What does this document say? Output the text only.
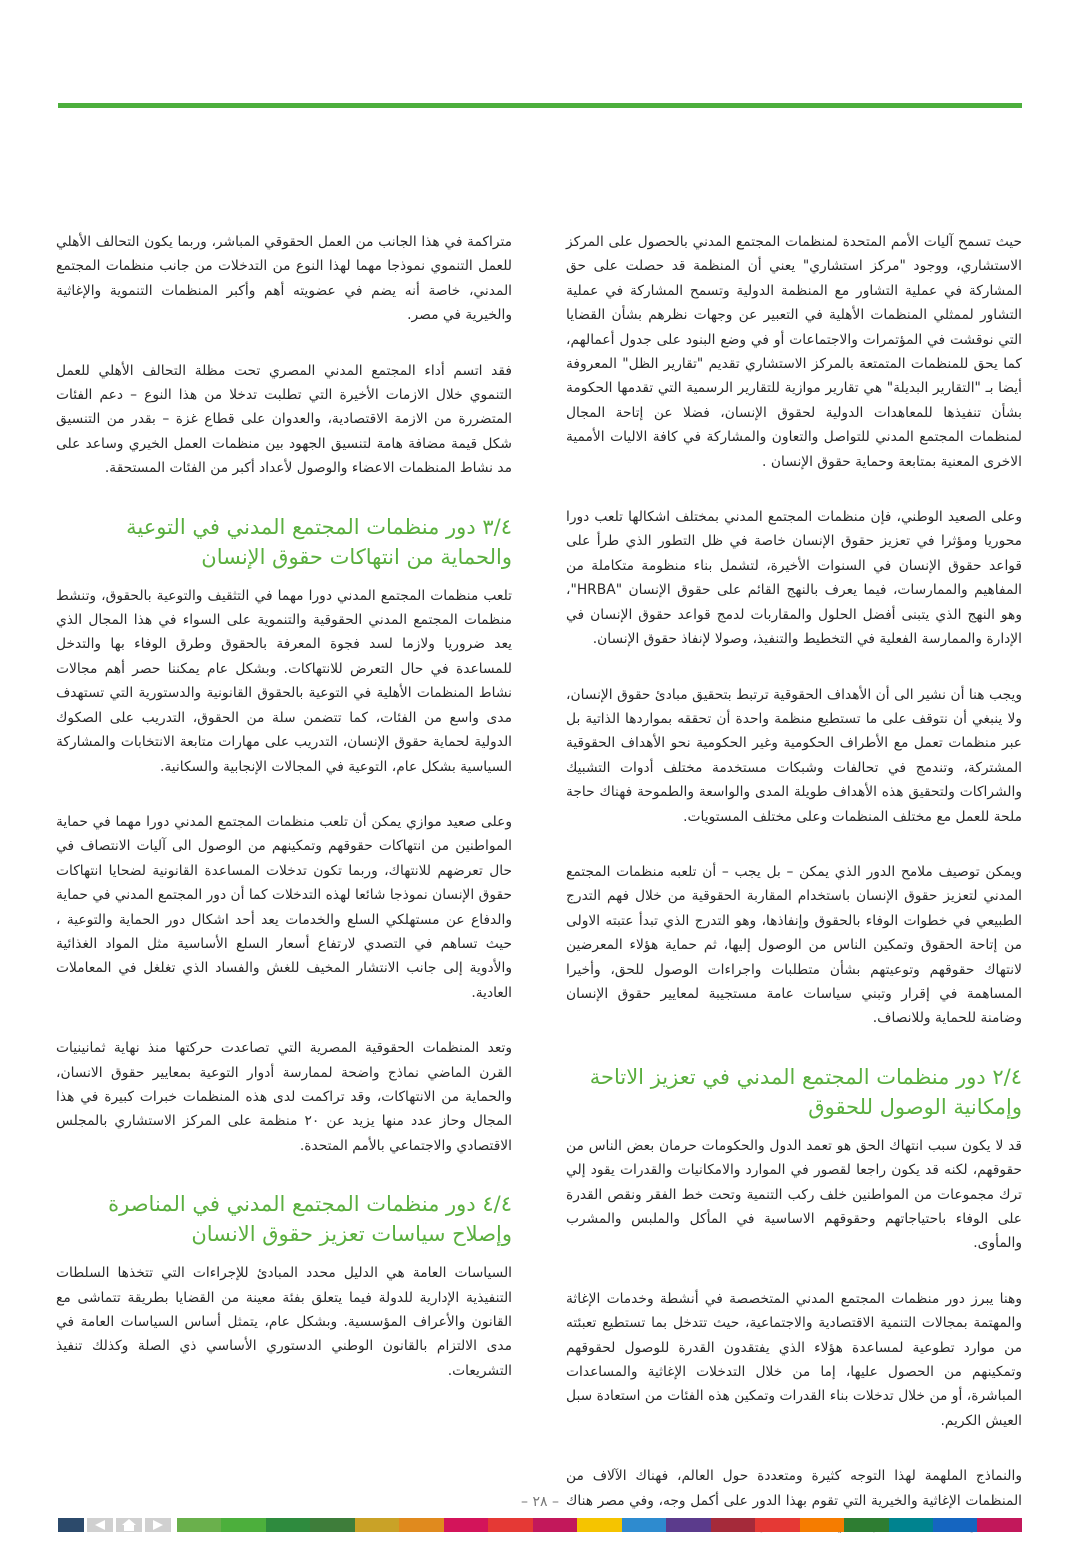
حيث تسمح آليات الأمم المتحدة لمنظمات المجتمع المدني بالحصول على المركز الاستشاري، ووجود "مركز استشاري" يعني أن المنظمة قد حصلت على حق المشاركة في عملية التشاور مع المنظمة الدولية وتسمح المشاركة في عملية التشاور لممثلي المنظمات الأهلية في التعبير عن وجهات نظرهم بشأن القضايا التي نوقشت في المؤتمرات والاجتماعات أو في وضع البنود على جدول أعمالهم، كما يحق للمنظمات المتمتعة بالمركز الاستشاري تقديم "تقارير الظل" المعروفة أيضا بـ "التقارير البديلة" هي تقارير موازية للتقارير الرسمية التي تقدمها الحكومة بشأن تنفيذها للمعاهدات الدولية لحقوق الإنسان، فضلا عن إتاحة المجال لمنظمات المجتمع المدني للتواصل والتعاون والمشاركة في كافة الاليات الأممية الاخرى المعنية بمتابعة وحماية حقوق الإنسان .

وعلى الصعيد الوطني، فإن منظمات المجتمع المدني بمختلف اشكالها تلعب دورا محوريا ومؤثرا في تعزيز حقوق الإنسان خاصة في ظل التطور الذي طرأ على قواعد حقوق الإنسان في السنوات الأخيرة، لتشمل بناء منظومة متكاملة من المفاهيم والممارسات، فيما يعرف بالنهج القائم على حقوق الإنسان "HRBA"، وهو النهج الذي يتبنى أفضل الحلول والمقاربات لدمج قواعد حقوق الإنسان في الإدارة والممارسة الفعلية في التخطيط والتنفيذ، وصولا لإنفاذ حقوق الإنسان.

ويجب هنا أن نشير الى أن الأهداف الحقوقية ترتبط بتحقيق مبادئ حقوق الإنسان، ولا ينبغي أن نتوقف على ما تستطيع منظمة واحدة أن تحققه بمواردها الذاتية بل عبر منظمات تعمل مع الأطراف الحكومية وغير الحكومية نحو الأهداف الحقوقية المشتركة، وتندمج في تحالفات وشبكات مستخدمة مختلف أدوات التشبيك والشراكات ولتحقيق هذه الأهداف طويلة المدى والواسعة والطموحة فهناك حاجة ملحة للعمل مع مختلف المنظمات وعلى مختلف المستويات.

ويمكن توصيف ملامح الدور الذي يمكن – بل يجب – أن تلعبه منظمات المجتمع المدني لتعزيز حقوق الإنسان باستخدام المقاربة الحقوقية من خلال فهم التدرج الطبيعي في خطوات الوفاء بالحقوق وإنفاذها، وهو التدرج الذي تبدأ عتبته الاولى من إتاحة الحقوق وتمكين الناس من الوصول إليها، ثم حماية هؤلاء المعرضين لانتهاك حقوقهم وتوعيتهم بشأن متطلبات واجراءات الوصول للحق، وأخيرا المساهمة في إقرار وتبني سياسات عامة مستجيبة لمعايير حقوق الإنسان وضامنة للحماية وللانصاف.

٢/٤ دور منظمات المجتمع المدني في تعزيز الاتاحة وإمكانية الوصول للحقوق

قد لا يكون سبب انتهاك الحق هو تعمد الدول والحكومات حرمان بعض الناس من حقوقهم، لكنه قد يكون راجعا لقصور في الموارد والامكانيات والقدرات يقود إلي ترك مجموعات من المواطنين خلف ركب التنمية وتحت خط الفقر ونقص القدرة على الوفاء باحتياجاتهم وحقوقهم الاساسية في المأكل والملبس والمشرب والمأوى.

وهنا يبرز دور منظمات المجتمع المدني المتخصصة في أنشطة وخدمات الإغاثة والمهتمة بمجالات التنمية الاقتصادية والاجتماعية، حيث تتدخل بما تستطيع تعبئته من موارد تطوعية لمساعدة هؤلاء الذي يفتقدون القدرة للوصول لحقوقهم وتمكينهم من الحصول عليها، إما من خلال التدخلات الإغاثية والمساعدات المباشرة، أو من خلال تدخلات بناء القدرات وتمكين هذه الفئات من استعادة سبل العيش الكريم.

والنماذج الملهمة لهذا التوجه كثيرة ومتعددة حول العالم، فهناك الآلاف من المنظمات الإغاثية والخيرية التي تقوم بهذا الدور على أكمل وجه، وفي مصر هناك

متراكمة في هذا الجانب من العمل الحقوقي المباشر، وربما يكون التحالف الأهلي للعمل التنموي نموذجا مهما لهذا النوع من التدخلات من جانب منظمات المجتمع المدني، خاصة أنه يضم في عضويته أهم وأكبر المنظمات التنموية والإغاثية والخيرية في مصر.

فقد اتسم أداء المجتمع المدني المصري تحت مظلة التحالف الأهلي للعمل التنموي خلال الازمات الأخيرة التي تطلبت تدخلا من هذا النوع – دعم الفئات المتضررة من الازمة الاقتصادية، والعدوان على قطاع غزة – بقدر من التنسيق شكل قيمة مضافة هامة لتنسيق الجهود بين منظمات العمل الخيري وساعد على مد نشاط المنظمات الاعضاء والوصول لأعداد أكبر من الفئات المستحقة.

٣/٤ دور منظمات المجتمع المدني في التوعية والحماية من انتهاكات حقوق الإنسان

تلعب منظمات المجتمع المدني دورا مهما في التثقيف والتوعية بالحقوق، وتنشط منظمات المجتمع المدني الحقوقية والتنموية على السواء في هذا المجال الذي يعد ضروريا ولازما لسد فجوة المعرفة بالحقوق وطرق الوفاء بها والتدخل للمساعدة في حال التعرض للانتهاكات. وبشكل عام يمكننا حصر أهم مجالات نشاط المنظمات الأهلية في التوعية بالحقوق القانونية والدستورية التي تستهدف مدى واسع من الفئات، كما تتضمن سلة من الحقوق، التدريب على الصكوك الدولية لحماية حقوق الإنسان، التدريب على مهارات متابعة الانتخابات والمشاركة السياسية بشكل عام، التوعية في المجالات الإنجابية والسكانية.

وعلى صعيد موازي يمكن أن تلعب منظمات المجتمع المدني دورا مهما في حماية المواطنين من انتهاكات حقوقهم وتمكينهم من الوصول الى آليات الانتصاف في حال تعرضهم للانتهاك، وربما تكون تدخلات المساعدة القانونية لضحايا انتهاكات حقوق الإنسان نموذجا شائعا لهذه التدخلات كما أن دور المجتمع المدني في حماية والدفاع عن مستهلكي السلع والخدمات يعد أحد اشكال دور الحماية والتوعية ، حيث تساهم في التصدي لارتفاع أسعار السلع الأساسية مثل المواد الغذائية والأدوية إلى جانب الانتشار المخيف للغش والفساد الذي تغلغل في المعاملات العادية.

وتعد المنظمات الحقوقية المصرية التي تصاعدت حركتها منذ نهاية ثمانينيات القرن الماضي نماذج واضحة لممارسة أدوار التوعية بمعايير حقوق الانسان، والحماية من الانتهاكات، وقد تراكمت لدى هذه المنظمات خبرات كبيرة في هذا المجال وحاز عدد منها يزيد عن ٢٠ منظمة على المركز الاستشاري بالمجلس الاقتصادي والاجتماعي بالأمم المتحدة.

٤/٤ دور منظمات المجتمع المدني في المناصرة وإصلاح سياسات تعزيز حقوق الانسان

السياسات العامة هي الدليل محدد المبادئ للإجراءات التي تتخذها السلطات التنفيذية الإدارية للدولة فيما يتعلق بفئة معينة من القضايا بطريقة تتماشى مع القانون والأعراف المؤسسية. وبشكل عام، يتمثل أساس السياسات العامة في مدى الالتزام بالقانون الوطني الدستوري الأساسي ذي الصلة وكذلك تنفيذ التشريعات.

– ٢٨ –
